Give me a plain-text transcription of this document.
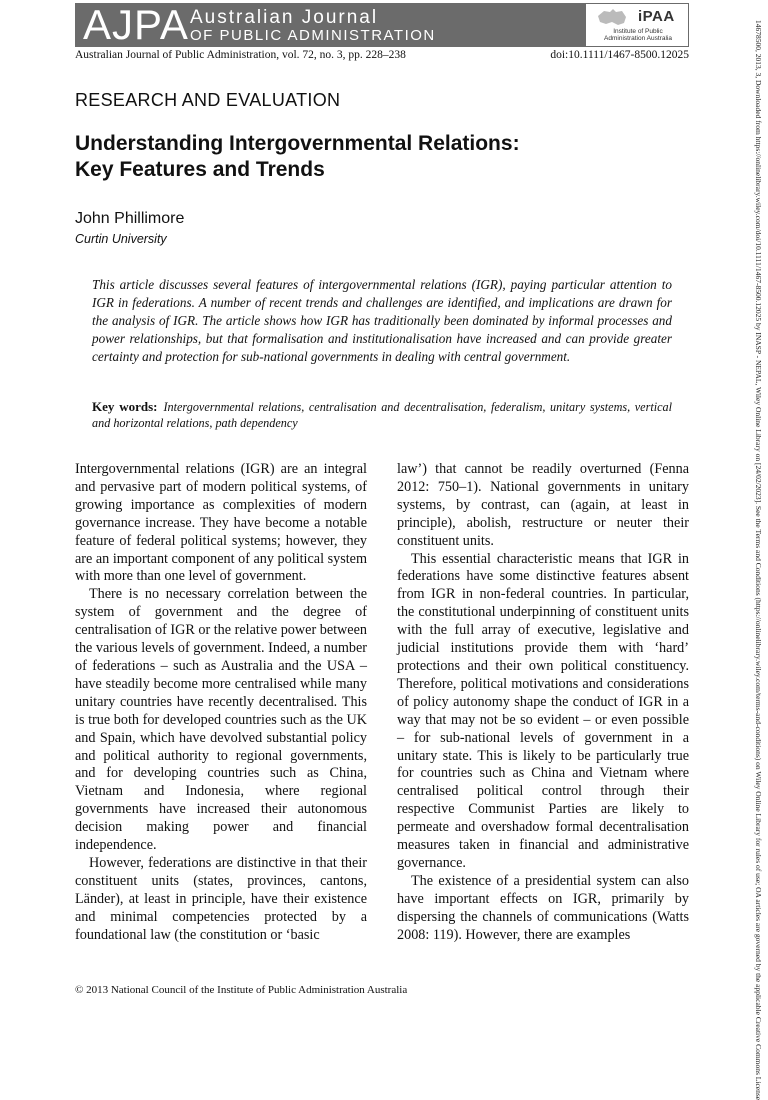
AJPA Australian Journal
OF PUBLIC ADMINISTRATION
iPAA
Institute of Public Administration Australia
Australian Journal of Public Administration, vol. 72, no. 3, pp. 228–238	doi:10.1111/1467-8500.12025
RESEARCH AND EVALUATION
Understanding Intergovernmental Relations:
Key Features and Trends
John Phillimore
Curtin University
This article discusses several features of intergovernmental relations (IGR), paying particular attention to IGR in federations. A number of recent trends and challenges are identified, and implications are drawn for the analysis of IGR. The article shows how IGR has traditionally been dominated by informal processes and power relationships, but that formalisation and institutionalisation have increased and can provide greater certainty and protection for sub-national governments in dealing with central government.
Key words: Intergovernmental relations, centralisation and decentralisation, federalism, unitary systems, vertical and horizontal relations, path dependency

Intergovernmental relations (IGR) are an integral and pervasive part of modern political systems, of growing importance as complexities of modern governance increase. They have become a notable feature of federal political systems; however, they are an important component of any political system with more than one level of government.

There is no necessary correlation between the system of government and the degree of centralisation of IGR or the relative power between the various levels of government. Indeed, a number of federations – such as Australia and the USA – have steadily become more centralised while many unitary countries have recently decentralised. This is true both for developed countries such as the UK and Spain, which have devolved substantial policy and political authority to regional governments, and for developing countries such as China, Vietnam and Indonesia, where regional governments have increased their autonomous decision making power and financial independence.

However, federations are distinctive in that their constituent units (states, provinces, cantons, Länder), at least in principle, have their existence and minimal competencies protected by a foundational law (the constitution or ‘basic

law’) that cannot be readily overturned (Fenna 2012: 750–1). National governments in unitary systems, by contrast, can (again, at least in principle), abolish, restructure or neuter their constituent units.

This essential characteristic means that IGR in federations have some distinctive features absent from IGR in non-federal countries. In particular, the constitutional underpinning of constituent units with the full array of executive, legislative and judicial institutions provide them with ‘hard’ protections and their own political constituency. Therefore, political motivations and considerations of policy autonomy shape the conduct of IGR in a way that may not be so evident – or even possible – for sub-national levels of government in a unitary state. This is likely to be particularly true for countries such as China and Vietnam where centralised political control through their respective Communist Parties are likely to permeate and overshadow formal decentralisation measures taken in financial and administrative governance.

The existence of a presidential system can also have important effects on IGR, primarily by dispersing the channels of communications (Watts 2008: 119). However, there are examples

© 2013 National Council of the Institute of Public Administration Australia	14678500, 2013, 3, Downloaded from https://onlinelibrary.wiley.com/doi/10.1111/1467-8500.12025 by INASP - NEPAL, Wiley Online Library on [24/02/2023]. See the Terms and Conditions (https://onlinelibrary.wiley.com/terms-and-conditions) on Wiley Online Library for rules of use; OA articles are governed by the applicable Creative Commons License
